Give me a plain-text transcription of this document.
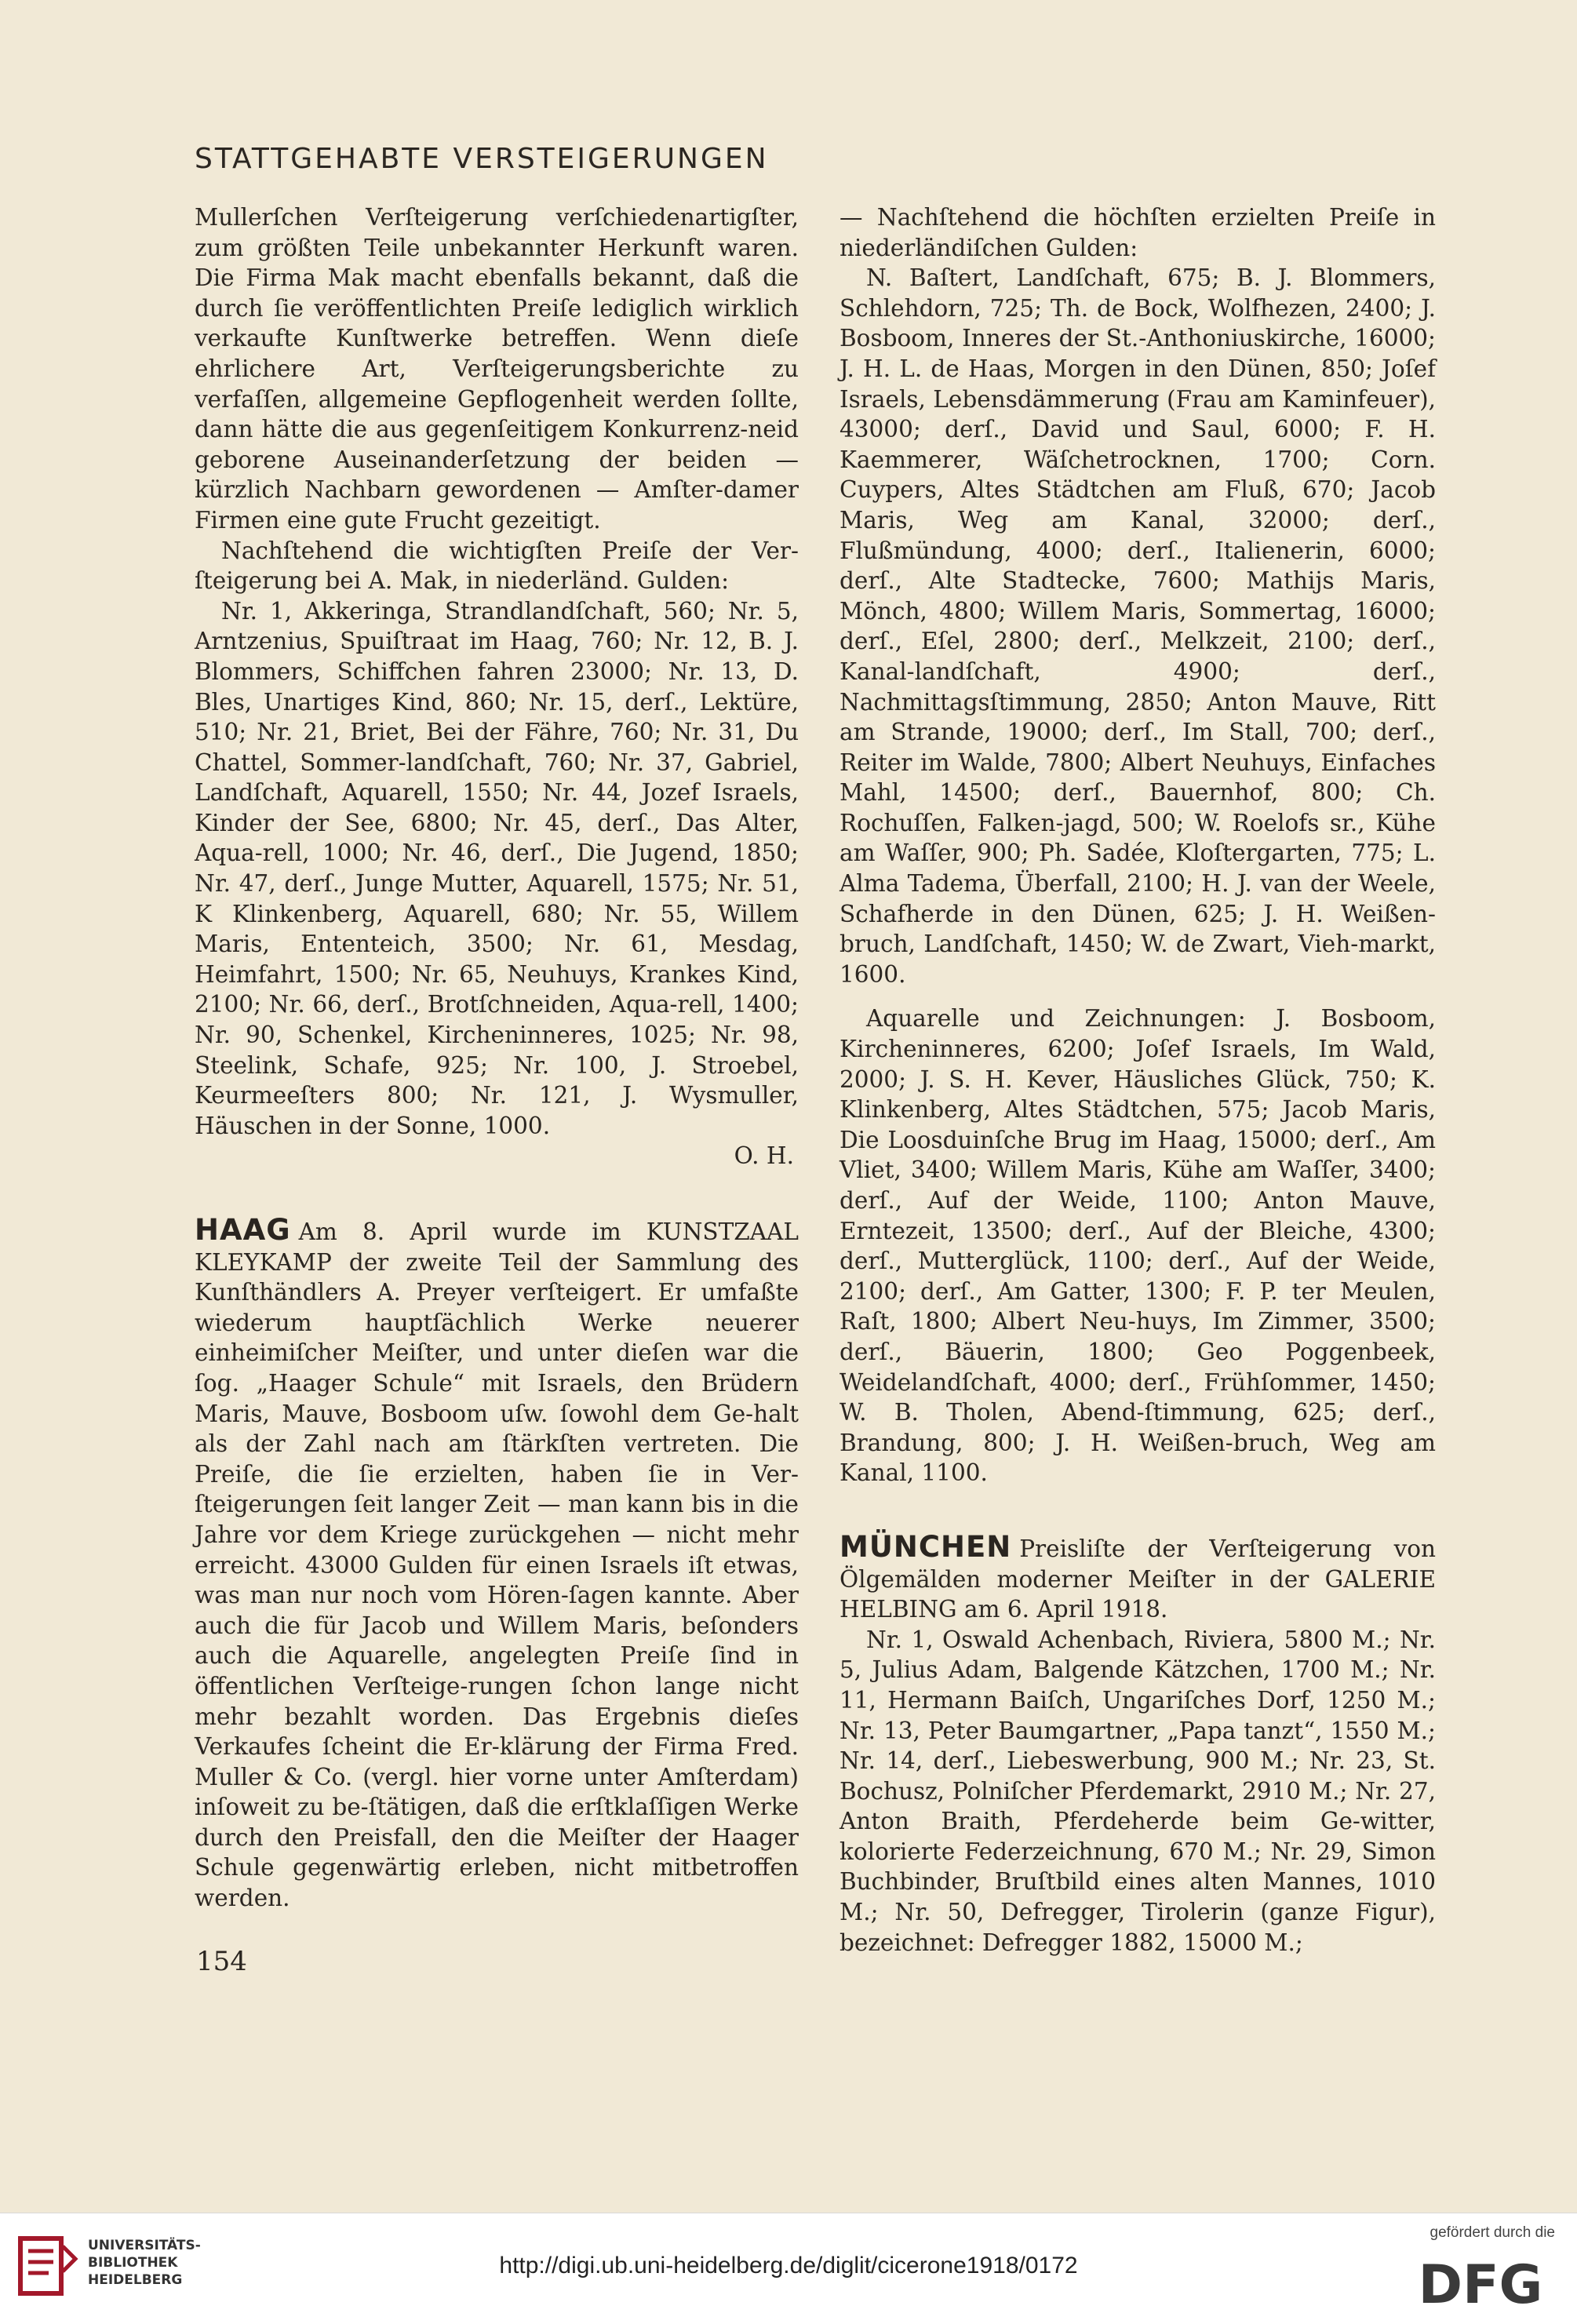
STATTGEHABTE VERSTEIGERUNGEN

Mullerſchen Verſteigerung verſchiedenartigſter, zum größten Teile unbekannter Herkunft waren. Die Firma Mak macht ebenfalls bekannt, daß die durch ſie veröffentlichten Preiſe lediglich wirklich verkaufte Kunſtwerke betreffen. Wenn dieſe ehrlichere Art, Verſteigerungsberichte zu verfaſſen, allgemeine Gepflogenheit werden ſollte, dann hätte die aus gegenſeitigem Konkurrenz-neid geborene Auseinanderſetzung der beiden — kürzlich Nachbarn gewordenen — Amſter-damer Firmen eine gute Frucht gezeitigt.

Nachſtehend die wichtigſten Preiſe der Ver-ſteigerung bei A. Mak, in niederländ. Gulden:

Nr. 1, Akkeringa, Strandlandſchaft, 560; Nr. 5, Arntzenius, Spuiſtraat im Haag, 760; Nr. 12, B. J. Blommers, Schiffchen fahren 23000; Nr. 13, D. Bles, Unartiges Kind, 860; Nr. 15, derſ., Lektüre, 510; Nr. 21, Briet, Bei der Fähre, 760; Nr. 31, Du Chattel, Sommer-landſchaft, 760; Nr. 37, Gabriel, Landſchaft, Aquarell, 1550; Nr. 44, Jozef Israels, Kinder der See, 6800; Nr. 45, derſ., Das Alter, Aqua-rell, 1000; Nr. 46, derſ., Die Jugend, 1850; Nr. 47, derſ., Junge Mutter, Aquarell, 1575; Nr. 51, K Klinkenberg, Aquarell, 680; Nr. 55, Willem Maris, Ententeich, 3500; Nr. 61, Mesdag, Heimfahrt, 1500; Nr. 65, Neuhuys, Krankes Kind, 2100; Nr. 66, derſ., Brotſchneiden, Aqua-rell, 1400; Nr. 90, Schenkel, Kircheninneres, 1025; Nr. 98, Steelink, Schafe, 925; Nr. 100, J. Stroebel, Keurmeeſters 800; Nr. 121, J. Wysmuller, Häuschen in der Sonne, 1000.

O. H.

HAAG Am 8. April wurde im KUNSTZAAL KLEYKAMP der zweite Teil der Sammlung des Kunſthändlers A. Preyer verſteigert. Er umfaßte wiederum hauptſächlich Werke neuerer einheimiſcher Meiſter, und unter dieſen war die ſog. „Haager Schule“ mit Israels, den Brüdern Maris, Mauve, Bosboom uſw. ſowohl dem Ge-halt als der Zahl nach am ſtärkſten vertreten. Die Preiſe, die ſie erzielten, haben ſie in Ver-ſteigerungen ſeit langer Zeit — man kann bis in die Jahre vor dem Kriege zurückgehen — nicht mehr erreicht. 43000 Gulden für einen Israels iſt etwas, was man nur noch vom Hören-ſagen kannte. Aber auch die für Jacob und Willem Maris, beſonders auch die Aquarelle, angelegten Preiſe ſind in öffentlichen Verſteige-rungen ſchon lange nicht mehr bezahlt worden. Das Ergebnis dieſes Verkaufes ſcheint die Er-klärung der Firma Fred. Muller & Co. (vergl. hier vorne unter Amſterdam) inſoweit zu be-ſtätigen, daß die erſtklaſſigen Werke durch den Preisfall, den die Meiſter der Haager Schule gegenwärtig erleben, nicht mitbetroffen werden.

— Nachſtehend die höchſten erzielten Preiſe in niederländiſchen Gulden:

N. Baſtert, Landſchaft, 675; B. J. Blommers, Schlehdorn, 725; Th. de Bock, Wolfhezen, 2400; J. Bosboom, Inneres der St.-Anthoniuskirche, 16000; J. H. L. de Haas, Morgen in den Dünen, 850; Joſef Israels, Lebensdämmerung (Frau am Kaminfeuer), 43000; derſ., David und Saul, 6000; F. H. Kaemmerer, Wäſchetrocknen, 1700; Corn. Cuypers, Altes Städtchen am Fluß, 670; Jacob Maris, Weg am Kanal, 32000; derſ., Flußmündung, 4000; derſ., Italienerin, 6000; derſ., Alte Stadtecke, 7600; Mathijs Maris, Mönch, 4800; Willem Maris, Sommertag, 16000; derſ., Eſel, 2800; derſ., Melkzeit, 2100; derſ., Kanal-landſchaft, 4900; derſ., Nachmittagsſtimmung, 2850; Anton Mauve, Ritt am Strande, 19000; derſ., Im Stall, 700; derſ., Reiter im Walde, 7800; Albert Neuhuys, Einfaches Mahl, 14500; derſ., Bauernhof, 800; Ch. Rochuſſen, Falken-jagd, 500; W. Roelofs sr., Kühe am Waſſer, 900; Ph. Sadée, Kloſtergarten, 775; L. Alma Tadema, Überfall, 2100; H. J. van der Weele, Schafherde in den Dünen, 625; J. H. Weißen-bruch, Landſchaft, 1450; W. de Zwart, Vieh-markt, 1600.

Aquarelle und Zeichnungen: J. Bosboom, Kircheninneres, 6200; Joſef Israels, Im Wald, 2000; J. S. H. Kever, Häusliches Glück, 750; K. Klinkenberg, Altes Städtchen, 575; Jacob Maris, Die Loosduinſche Brug im Haag, 15000; derſ., Am Vliet, 3400; Willem Maris, Kühe am Waſſer, 3400; derſ., Auf der Weide, 1100; Anton Mauve, Erntezeit, 13500; derſ., Auf der Bleiche, 4300; derſ., Mutterglück, 1100; derſ., Auf der Weide, 2100; derſ., Am Gatter, 1300; F. P. ter Meulen, Raſt, 1800; Albert Neu-huys, Im Zimmer, 3500; derſ., Bäuerin, 1800; Geo Poggenbeek, Weidelandſchaft, 4000; derſ., Frühſommer, 1450; W. B. Tholen, Abend-ſtimmung, 625; derſ., Brandung, 800; J. H. Weißen-bruch, Weg am Kanal, 1100.

MÜNCHEN Preisliſte der Verſteigerung von Ölgemälden moderner Meiſter in der GALERIE HELBING am 6. April 1918.

Nr. 1, Oswald Achenbach, Riviera, 5800 M.; Nr. 5, Julius Adam, Balgende Kätzchen, 1700 M.; Nr. 11, Hermann Baiſch, Ungariſches Dorf, 1250 M.; Nr. 13, Peter Baumgartner, „Papa tanzt“, 1550 M.; Nr. 14, derſ., Liebeswerbung, 900 M.; Nr. 23, St. Bochusz, Polniſcher Pferdemarkt, 2910 M.; Nr. 27, Anton Braith, Pferdeherde beim Ge-witter, kolorierte Federzeichnung, 670 M.; Nr. 29, Simon Buchbinder, Bruſtbild eines alten Mannes, 1010 M.; Nr. 50, Defregger, Tirolerin (ganze Figur), bezeichnet: Defregger 1882, 15000 M.;

154
UNIVERSITÄTS-
BIBLIOTHEK
HEIDELBERG
http://digi.ub.uni-heidelberg.de/diglit/cicerone1918/0172
gefördert durch die
DFG
